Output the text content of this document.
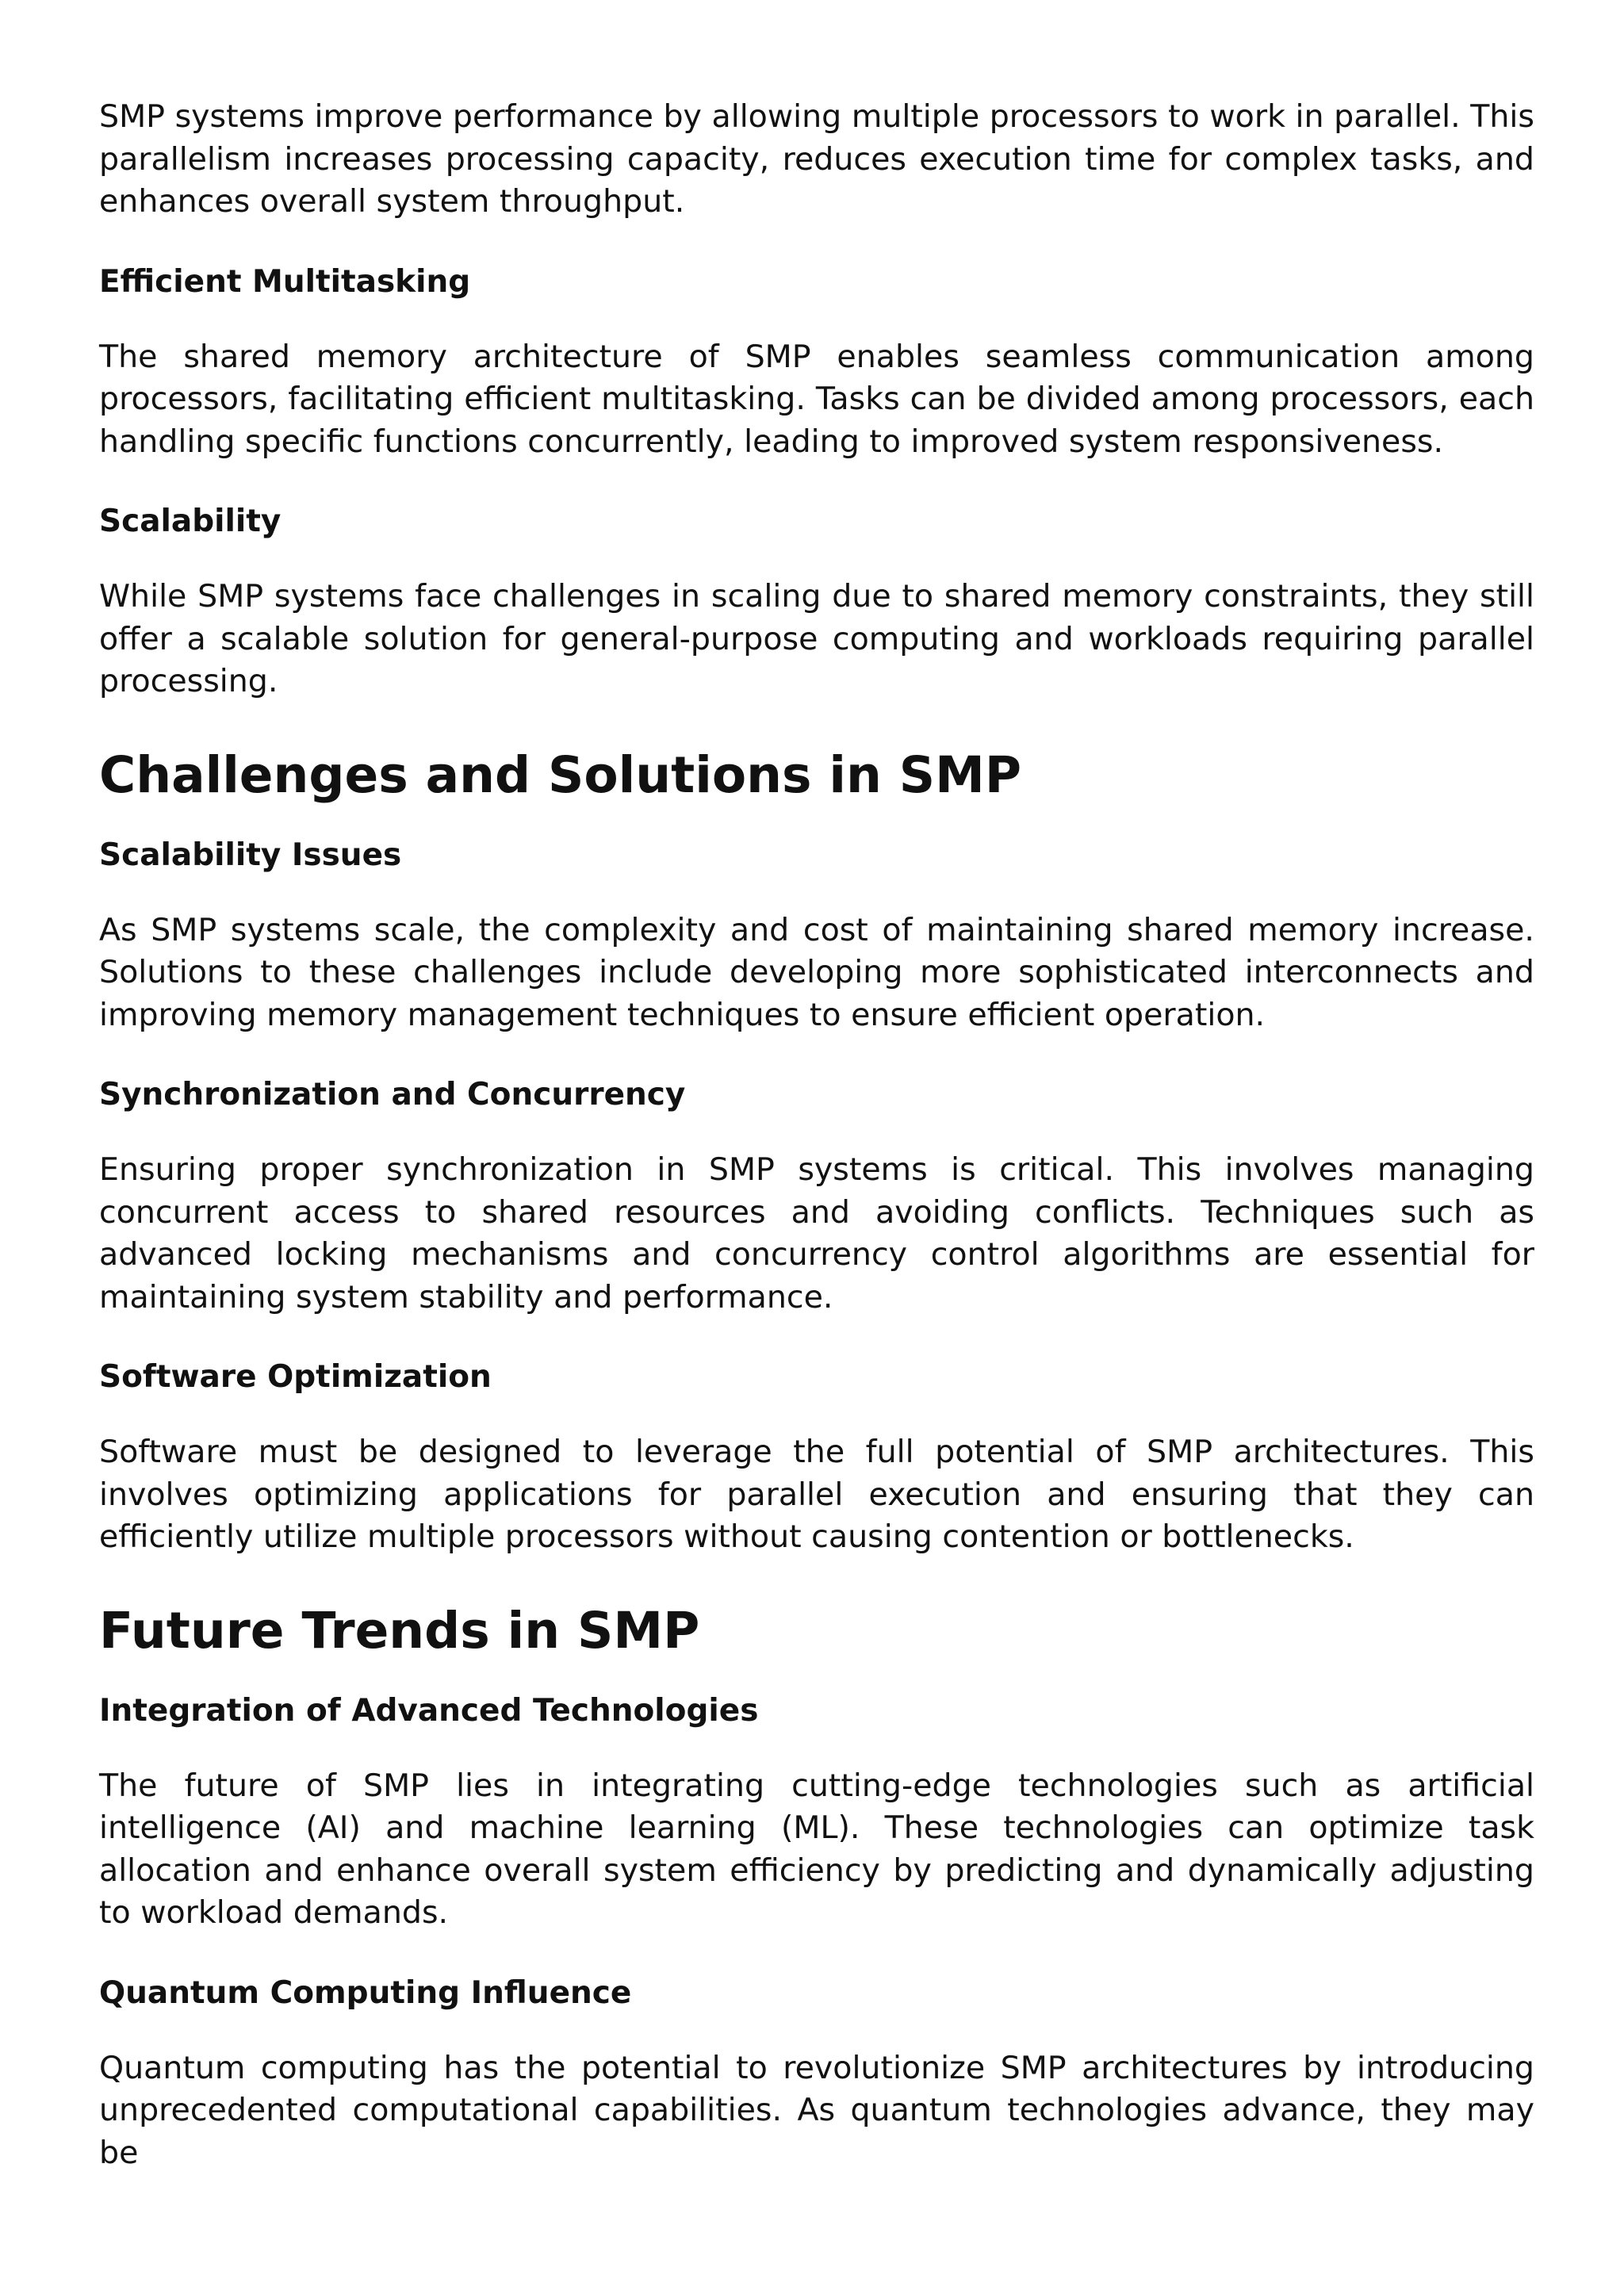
SMP systems improve performance by allowing multiple processors to work in parallel. This parallelism increases processing capacity, reduces execution time for complex tasks, and enhances overall system throughput.

Efficient Multitasking

The shared memory architecture of SMP enables seamless communication among processors, facilitating efficient multitasking. Tasks can be divided among processors, each handling specific functions concurrently, leading to improved system responsiveness.

Scalability

While SMP systems face challenges in scaling due to shared memory constraints, they still offer a scalable solution for general-purpose computing and workloads requiring parallel processing.

Challenges and Solutions in SMP
Scalability Issues

As SMP systems scale, the complexity and cost of maintaining shared memory increase. Solutions to these challenges include developing more sophisticated interconnects and improving memory management techniques to ensure efficient operation.

Synchronization and Concurrency

Ensuring proper synchronization in SMP systems is critical. This involves managing concurrent access to shared resources and avoiding conflicts. Techniques such as advanced locking mechanisms and concurrency control algorithms are essential for maintaining system stability and performance.

Software Optimization

Software must be designed to leverage the full potential of SMP architectures. This involves optimizing applications for parallel execution and ensuring that they can efficiently utilize multiple processors without causing contention or bottlenecks.

Future Trends in SMP
Integration of Advanced Technologies

The future of SMP lies in integrating cutting-edge technologies such as artificial intelligence (AI) and machine learning (ML). These technologies can optimize task allocation and enhance overall system efficiency by predicting and dynamically adjusting to workload demands.

Quantum Computing Influence

Quantum computing has the potential to revolutionize SMP architectures by introducing unprecedented computational capabilities. As quantum technologies advance, they may be
